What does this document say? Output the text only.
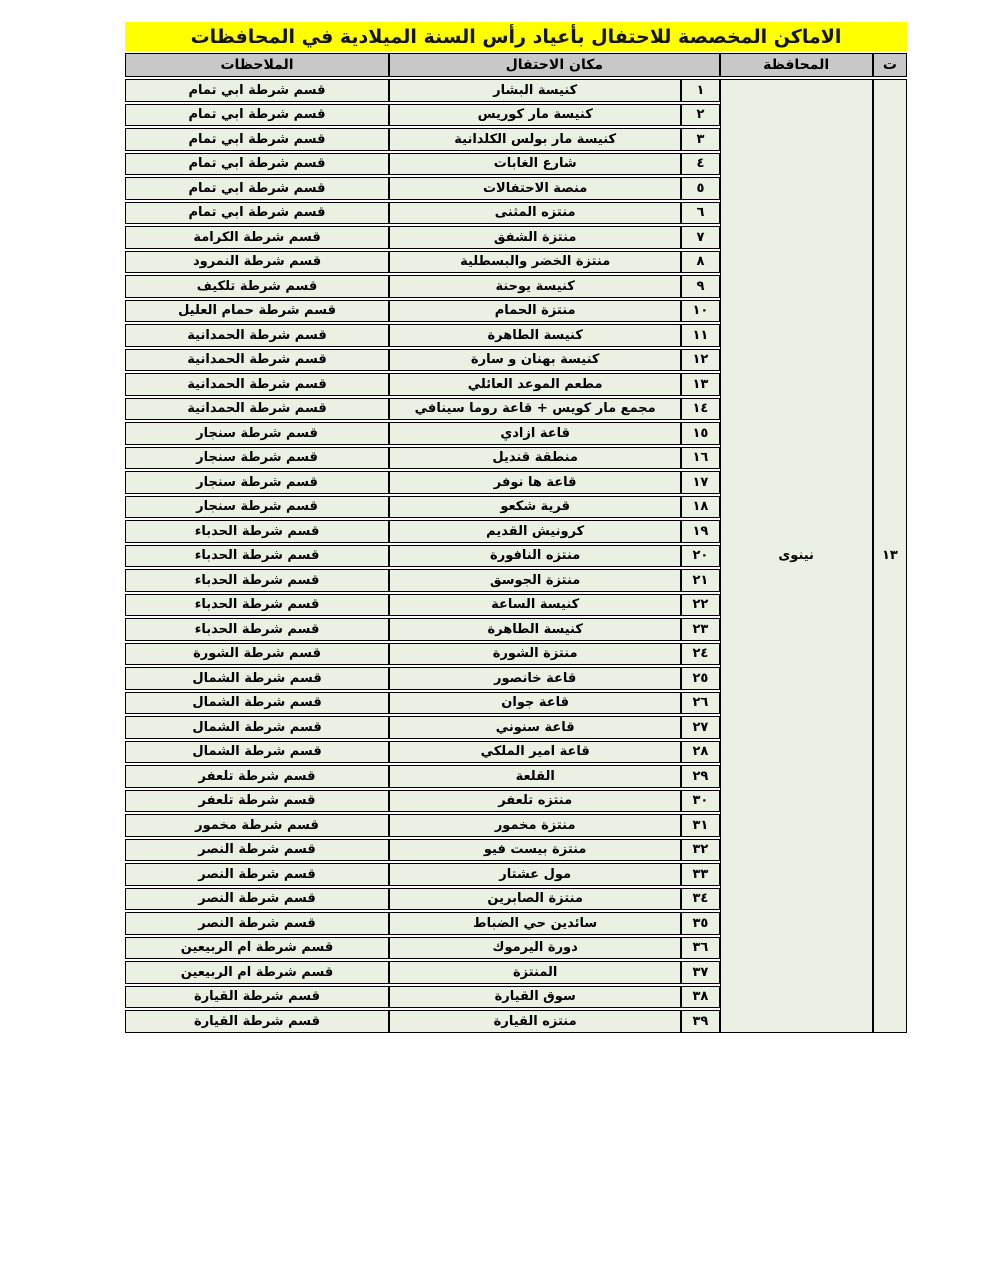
الاماكن المخصصة للاحتفال بأعياد رأس السنة الميلادية في المحافظات
ت	المحافظة	مكان الاحتفال		الملاحظات
١٣	نينوى	١	كنيسة البشار	قسم شرطة ابي تمام
		٢	كنيسة مار كوريس	قسم شرطة ابي تمام
		٣	كنيسة مار بولس الكلدانية	قسم شرطة ابي تمام
		٤	شارع الغابات	قسم شرطة ابي تمام
		٥	منصة الاحتفالات	قسم شرطة ابي تمام
		٦	منتزه المثنى	قسم شرطة ابي تمام
		٧	منتزة الشفق	قسم شرطة الكرامة
		٨	منتزة الخضر والبسطلية	قسم شرطة النمرود
		٩	كنيسة يوحنة	قسم شرطة تلكيف
		١٠	منتزة الحمام	قسم شرطة حمام العليل
		١١	كنيسة الطاهرة	قسم شرطة الحمدانية
		١٢	كنيسة بهنان و سارة	قسم شرطة الحمدانية
		١٣	مطعم الموعد العائلي	قسم شرطة الحمدانية
		١٤	مجمع مار كويس + قاعة روما سينافي	قسم شرطة الحمدانية
		١٥	قاعة ازادي	قسم شرطة سنجار
		١٦	منطقة قنديل	قسم شرطة سنجار
		١٧	قاعة ها نوفر	قسم شرطة سنجار
		١٨	قرية شكعو	قسم شرطة سنجار
		١٩	كرونيش القديم	قسم شرطة الحدباء
		٢٠	منتزه النافورة	قسم شرطة الحدباء
		٢١	منتزة الجوسق	قسم شرطة الحدباء
		٢٢	كنيسة الساعة	قسم شرطة الحدباء
		٢٣	كنيسة الطاهرة	قسم شرطة الحدباء
		٢٤	منتزة الشورة	قسم شرطة الشورة
		٢٥	قاعة خانصور	قسم شرطة الشمال
		٢٦	قاعة جوان	قسم شرطة الشمال
		٢٧	قاعة سنوني	قسم شرطة الشمال
		٢٨	قاعة امير الملكي	قسم شرطة الشمال
		٢٩	القلعة	قسم شرطة تلعفر
		٣٠	منتزه تلعفر	قسم شرطة تلعفر
		٣١	منتزة مخمور	قسم شرطة مخمور
		٣٢	منتزة بيست فيو	قسم شرطة النصر
		٣٣	مول عشتار	قسم شرطة النصر
		٣٤	منتزة الصابرين	قسم شرطة النصر
		٣٥	سائدين حي الضباط	قسم شرطة النصر
		٣٦	دورة اليرموك	قسم شرطة ام الربيعين
		٣٧	المنتزة	قسم شرطة ام الربيعين
		٣٨	سوق القيارة	قسم شرطة القيارة
		٣٩	منتزه القيارة	قسم شرطة القيارة
